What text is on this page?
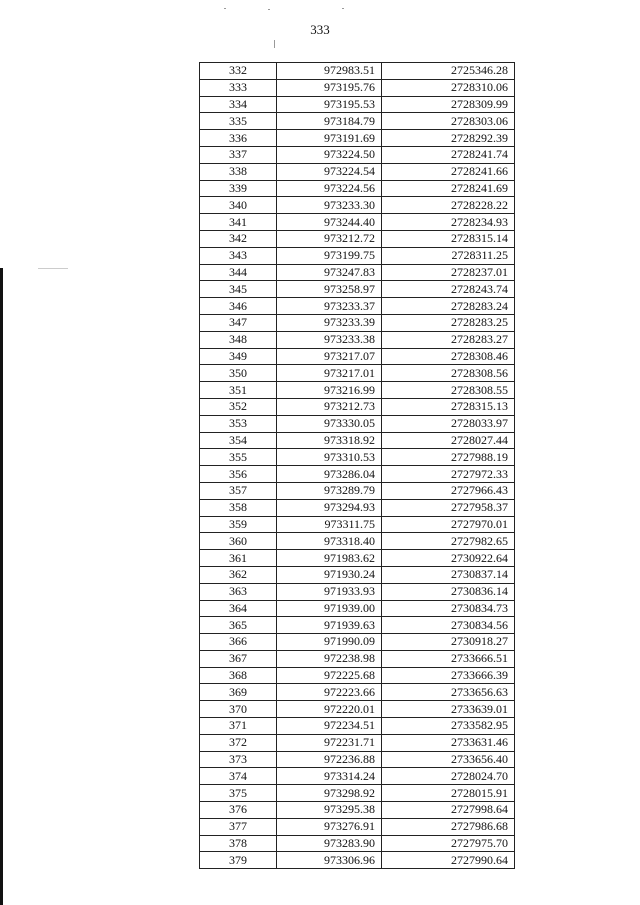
333
332	972983.51	2725346.28
333	973195.76	2728310.06
334	973195.53	2728309.99
335	973184.79	2728303.06
336	973191.69	2728292.39
337	973224.50	2728241.74
338	973224.54	2728241.66
339	973224.56	2728241.69
340	973233.30	2728228.22
341	973244.40	2728234.93
342	973212.72	2728315.14
343	973199.75	2728311.25
344	973247.83	2728237.01
345	973258.97	2728243.74
346	973233.37	2728283.24
347	973233.39	2728283.25
348	973233.38	2728283.27
349	973217.07	2728308.46
350	973217.01	2728308.56
351	973216.99	2728308.55
352	973212.73	2728315.13
353	973330.05	2728033.97
354	973318.92	2728027.44
355	973310.53	2727988.19
356	973286.04	2727972.33
357	973289.79	2727966.43
358	973294.93	2727958.37
359	973311.75	2727970.01
360	973318.40	2727982.65
361	971983.62	2730922.64
362	971930.24	2730837.14
363	971933.93	2730836.14
364	971939.00	2730834.73
365	971939.63	2730834.56
366	971990.09	2730918.27
367	972238.98	2733666.51
368	972225.68	2733666.39
369	972223.66	2733656.63
370	972220.01	2733639.01
371	972234.51	2733582.95
372	972231.71	2733631.46
373	972236.88	2733656.40
374	973314.24	2728024.70
375	973298.92	2728015.91
376	973295.38	2727998.64
377	973276.91	2727986.68
378	973283.90	2727975.70
379	973306.96	2727990.64
